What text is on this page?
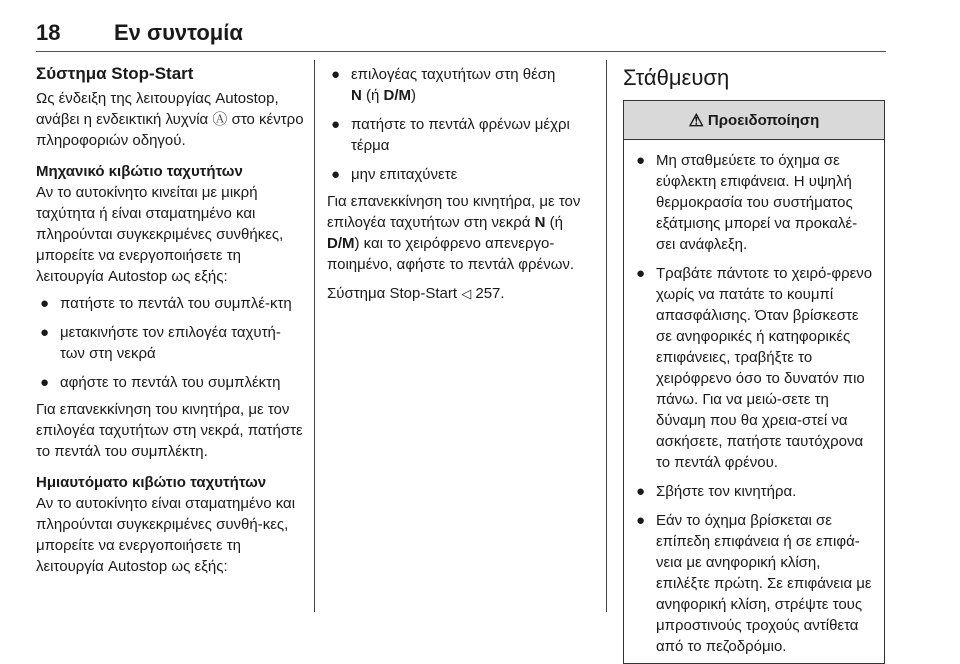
18 Εν συντομία
Σύστημα Stop-Start

Ως ένδειξη της λειτουργίας Autostop, ανάβει η ενδεικτική λυχνία Ⓐ στο κέντρο πληροφοριών οδηγού.

Μηχανικό κιβώτιο ταχυτήτων

Αν το αυτοκίνητο κινείται με μικρή ταχύτητα ή είναι σταματημένο και πληρούνται συγκεκριμένες συνθήκες, μπορείτε να ενεργοποιήσετε τη λειτουργία Autostop ως εξής:

● πατήστε το πεντάλ του συμπλέ-κτη
● μετακινήστε τον επιλογέα ταχυτή-των στη νεκρά
● αφήστε το πεντάλ του συμπλέκτη

Για επανεκκίνηση του κινητήρα, με τον επιλογέα ταχυτήτων στη νεκρά, πατήστε το πεντάλ του συμπλέκτη.

Ημιαυτόματο κιβώτιο ταχυτήτων

Αν το αυτοκίνητο είναι σταματημένο και πληρούνται συγκεκριμένες συνθή-κες, μπορείτε να ενεργοποιήσετε τη λειτουργία Autostop ως εξής:

● επιλογέας ταχυτήτων στη θέση
N (ή D/M)
● πατήστε το πεντάλ φρένων μέχρι τέρμα
● μην επιταχύνετε

Για επανεκκίνηση του κινητήρα, με τον επιλογέα ταχυτήτων στη νεκρά N (ή D/M) και το χειρόφρενο απενεργο-ποιημένο, αφήστε το πεντάλ φρένων.

Σύστημα Stop-Start ◁ 257.

Στάθμευση
⚠ Προειδοποίηση
● Μη σταθμεύετε το όχημα σε εύφλεκτη επιφάνεια. Η υψηλή θερμοκρασία του συστήματος εξάτμισης μπορεί να προκαλέ-σει ανάφλεξη.
● Τραβάτε πάντοτε το χειρό-φρενο χωρίς να πατάτε το κουμπί απασφάλισης. Όταν βρίσκεστε σε ανηφορικές ή κατηφορικές επιφάνειες, τραβήξτε το χειρόφρενο όσο το δυνατόν πιο πάνω. Για να μειώ-σετε τη δύναμη που θα χρεια-στεί να ασκήσετε, πατήστε ταυτόχρονα το πεντάλ φρένου.
● Σβήστε τον κινητήρα.
● Εάν το όχημα βρίσκεται σε επίπεδη επιφάνεια ή σε επιφά-νεια με ανηφορική κλίση, επιλέξτε πρώτη. Σε επιφάνεια με ανηφορική κλίση, στρέψτε τους μπροστινούς τροχούς αντίθετα από το πεζοδρόμιο.
